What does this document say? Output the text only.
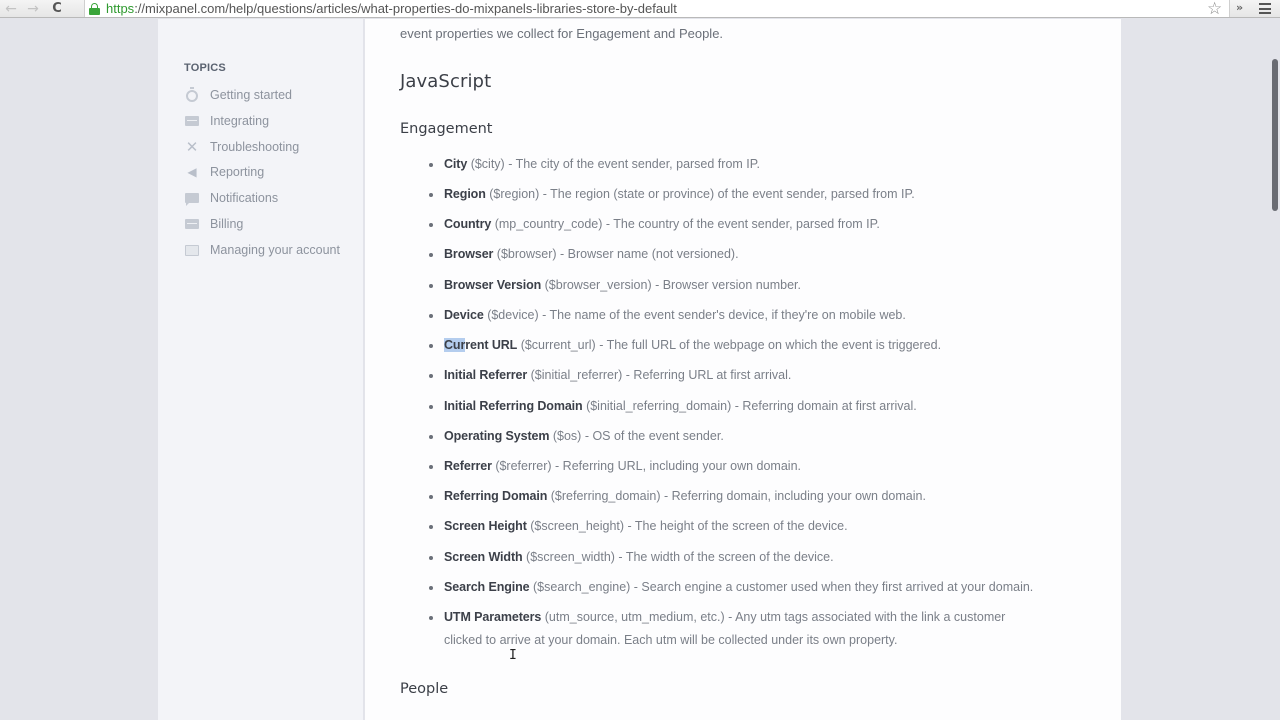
← → C	https://mixpanel.com/help/questions/articles/what-properties-do-mixpanels-libraries-store-by-default	☆ »
TOPICS
Getting started
Integrating
✕ Troubleshooting
◀ Reporting
Notifications
Billing
Managing your account

event properties we collect for Engagement and People.

JavaScript
Engagement
City ($city) - The city of the event sender, parsed from IP.
Region ($region) - The region (state or province) of the event sender, parsed from IP.
Country (mp_country_code) - The country of the event sender, parsed from IP.
Browser ($browser) - Browser name (not versioned).
Browser Version ($browser_version) - Browser version number.
Device ($device) - The name of the event sender's device, if they're on mobile web.
Current URL ($current_url) - The full URL of the webpage on which the event is triggered.
Initial Referrer ($initial_referrer) - Referring URL at first arrival.
Initial Referring Domain ($initial_referring_domain) - Referring domain at first arrival.
Operating System ($os) - OS of the event sender.
Referrer ($referrer) - Referring URL, including your own domain.
Referring Domain ($referring_domain) - Referring domain, including your own domain.
Screen Height ($screen_height) - The height of the screen of the device.
Screen Width ($screen_width) - The width of the screen of the device.
Search Engine ($search_engine) - Search engine a customer used when they first arrived at your domain.
UTM Parameters (utm_source, utm_medium, etc.) - Any utm tags associated with the link a customer clicked to arrive at your domain. Each utm will be collected under its own property.
People
I
